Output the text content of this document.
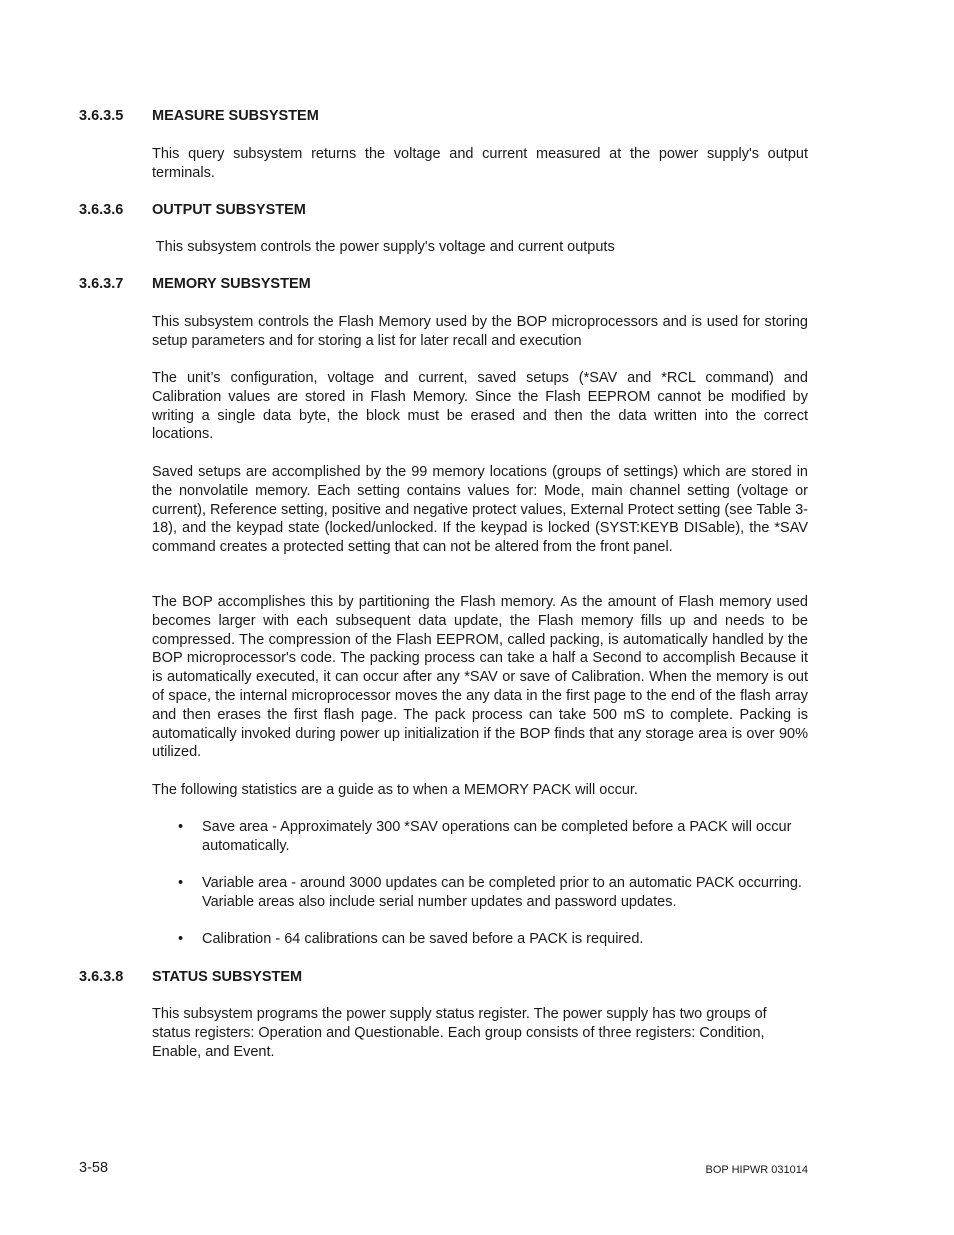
3.6.3.5 MEASURE SUBSYSTEM

This query subsystem returns the voltage and current measured at the power supply's output terminals.

3.6.3.6 OUTPUT SUBSYSTEM

This subsystem controls the power supply's voltage and current outputs

3.6.3.7 MEMORY SUBSYSTEM

This subsystem controls the Flash Memory used by the BOP microprocessors and is used for storing setup parameters and for storing a list for later recall and execution

The unit’s configuration, voltage and current, saved setups (*SAV and *RCL command) and Calibration values are stored in Flash Memory. Since the Flash EEPROM cannot be modified by writing a single data byte, the block must be erased and then the data written into the correct locations.

Saved setups are accomplished by the 99 memory locations (groups of settings) which are stored in the nonvolatile memory. Each setting contains values for: Mode, main channel setting (voltage or current), Reference setting, positive and negative protect values, External Protect setting (see Table 3-18), and the keypad state (locked/unlocked. If the keypad is locked (SYST:KEYB DISable), the *SAV command creates a protected setting that can not be altered from the front panel.

The BOP accomplishes this by partitioning the Flash memory. As the amount of Flash memory used becomes larger with each subsequent data update, the Flash memory fills up and needs to be compressed. The compression of the Flash EEPROM, called packing, is automatically handled by the BOP microprocessor's code. The packing process can take a half a Second to accomplish Because it is automatically executed, it can occur after any *SAV or save of Calibration. When the memory is out of space, the internal microprocessor moves the any data in the first page to the end of the flash array and then erases the first flash page. The pack process can take 500 mS to complete. Packing is automatically invoked during power up initialization if the BOP finds that any storage area is over 90% utilized.

The following statistics are a guide as to when a MEMORY PACK will occur.

• Save area - Approximately 300 *SAV operations can be completed before a PACK will occur automatically.
• Variable area - around 3000 updates can be completed prior to an automatic PACK occurring. Variable areas also include serial number updates and password updates.
• Calibration - 64 calibrations can be saved before a PACK is required.
3.6.3.8 STATUS SUBSYSTEM

This subsystem programs the power supply status register. The power supply has two groups of status registers: Operation and Questionable. Each group consists of three registers: Condition, Enable, and Event.

3-58	BOP HIPWR 031014
